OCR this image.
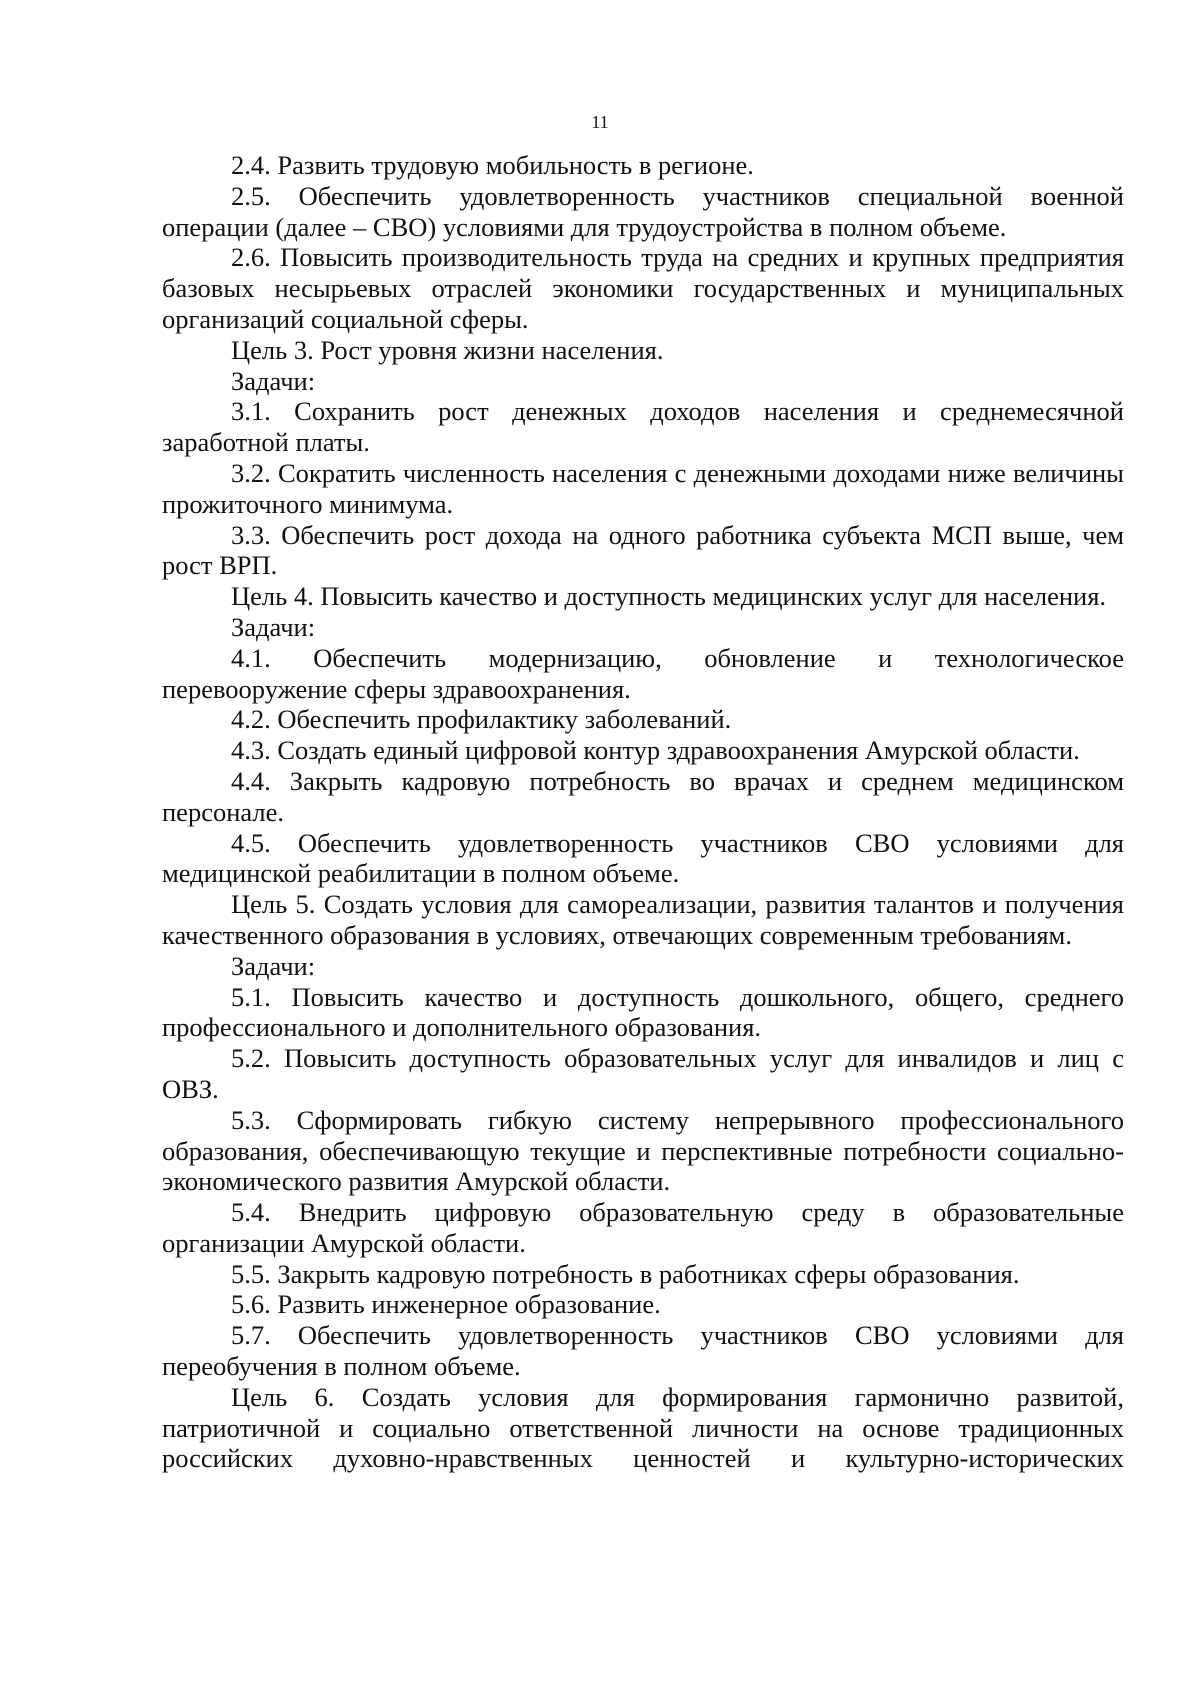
11

2.4. Развить трудовую мобильность в регионе.

2.5. Обеспечить удовлетворенность участников специальной военной операции (далее – СВО) условиями для трудоустройства в полном объеме.

2.6. Повысить производительность труда на средних и крупных предприятия базовых несырьевых отраслей экономики государственных и муниципальных организаций социальной сферы.

Цель 3. Рост уровня жизни населения.

Задачи:

3.1. Сохранить рост денежных доходов населения и среднемесячной заработной платы.

3.2. Сократить численность населения с денежными доходами ниже величины прожиточного минимума.

3.3. Обеспечить рост дохода на одного работника субъекта МСП выше, чем рост ВРП.

Цель 4. Повысить качество и доступность медицинских услуг для населения.

Задачи:

4.1. Обеспечить модернизацию, обновление и технологическое перевооружение сферы здравоохранения.

4.2. Обеспечить профилактику заболеваний.

4.3. Создать единый цифровой контур здравоохранения Амурской области.

4.4. Закрыть кадровую потребность во врачах и среднем медицинском персонале.

4.5. Обеспечить удовлетворенность участников СВО условиями для медицинской реабилитации в полном объеме.

Цель 5. Создать условия для самореализации, развития талантов и получения качественного образования в условиях, отвечающих современным требованиям.

Задачи:

5.1. Повысить качество и доступность дошкольного, общего, среднего профессионального и дополнительного образования.

5.2. Повысить доступность образовательных услуг для инвалидов и лиц с ОВЗ.

5.3. Сформировать гибкую систему непрерывного профессионального образования, обеспечивающую текущие и перспективные потребности социально-экономического развития Амурской области.

5.4. Внедрить цифровую образовательную среду в образовательные организации Амурской области.

5.5. Закрыть кадровую потребность в работниках сферы образования.

5.6. Развить инженерное образование.

5.7. Обеспечить удовлетворенность участников СВО условиями для переобучения в полном объеме.

Цель 6. Создать условия для формирования гармонично развитой, патриотичной и социально ответственной личности на основе традиционных российских духовно-нравственных ценностей и культурно-исторических
